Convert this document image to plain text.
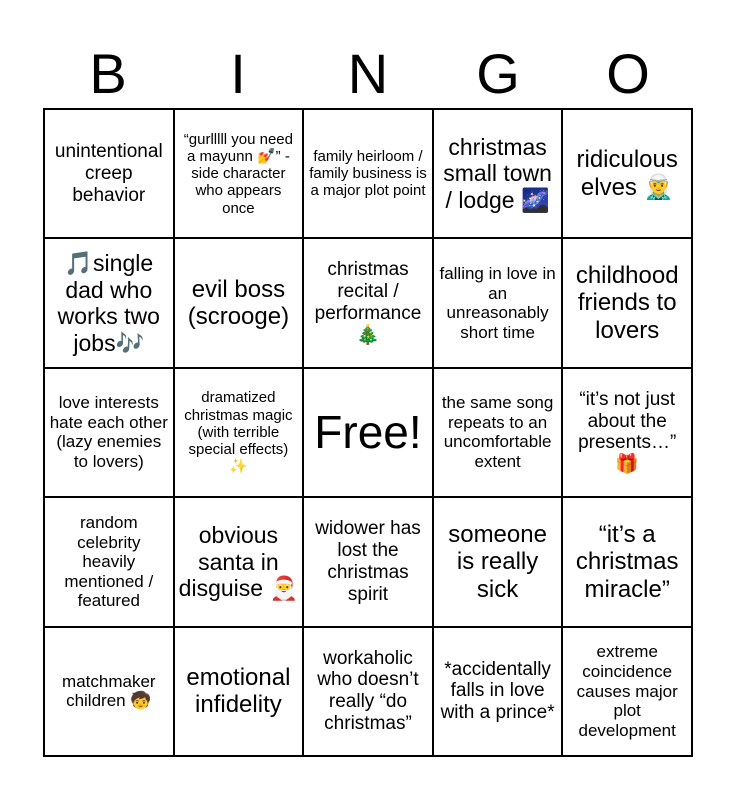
B	I	N	G	O
unintentional creep behavior
“gurlllll you need a mayunn 💅” -side character who appears once
family heirloom / family business is a major plot point
christmas small town / lodge 🌌
ridiculous elves 🧝‍♂️
🎵single dad who works two jobs🎶
evil boss (scrooge)
christmas recital / performance 🎄
falling in love in an unreasonably short time
childhood friends to lovers
love interests hate each other (lazy enemies to lovers)
dramatized christmas magic (with terrible special effects) ✨
Free!
the same song repeats to an uncomfortable extent
“it’s not just about the presents…” 🎁
random celebrity heavily mentioned / featured
obvious santa in disguise 🎅
widower has lost the christmas spirit
someone is really sick
“it’s a christmas miracle”
matchmaker children 🧒
emotional infidelity
workaholic who doesn’t really “do christmas”
*accidentally falls in love with a prince*
extreme coincidence causes major plot development
